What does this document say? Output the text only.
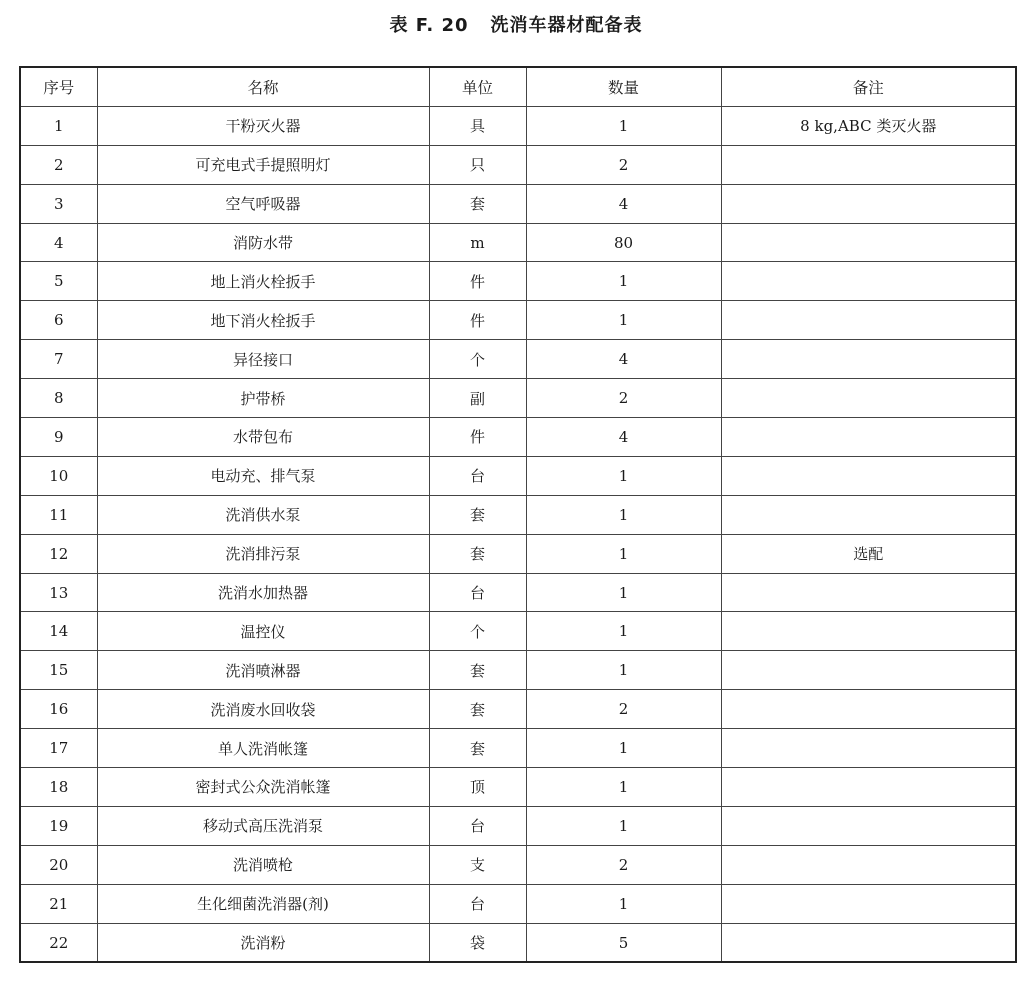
表 F. 20 洗消车器材配备表
序号	名称	单位	数量	备注
1	干粉灭火器	具	1	8 kg,ABC 类灭火器
2	可充电式手提照明灯	只	2	
3	空气呼吸器	套	4	
4	消防水带	m	80	
5	地上消火栓扳手	件	1	
6	地下消火栓扳手	件	1	
7	异径接口	个	4	
8	护带桥	副	2	
9	水带包布	件	4	
10	电动充、排气泵	台	1	
11	洗消供水泵	套	1	
12	洗消排污泵	套	1	选配
13	洗消水加热器	台	1	
14	温控仪	个	1	
15	洗消喷淋器	套	1	
16	洗消废水回收袋	套	2	
17	单人洗消帐篷	套	1	
18	密封式公众洗消帐篷	顶	1	
19	移动式高压洗消泵	台	1	
20	洗消喷枪	支	2	
21	生化细菌洗消器(剂)	台	1	
22	洗消粉	袋	5	
